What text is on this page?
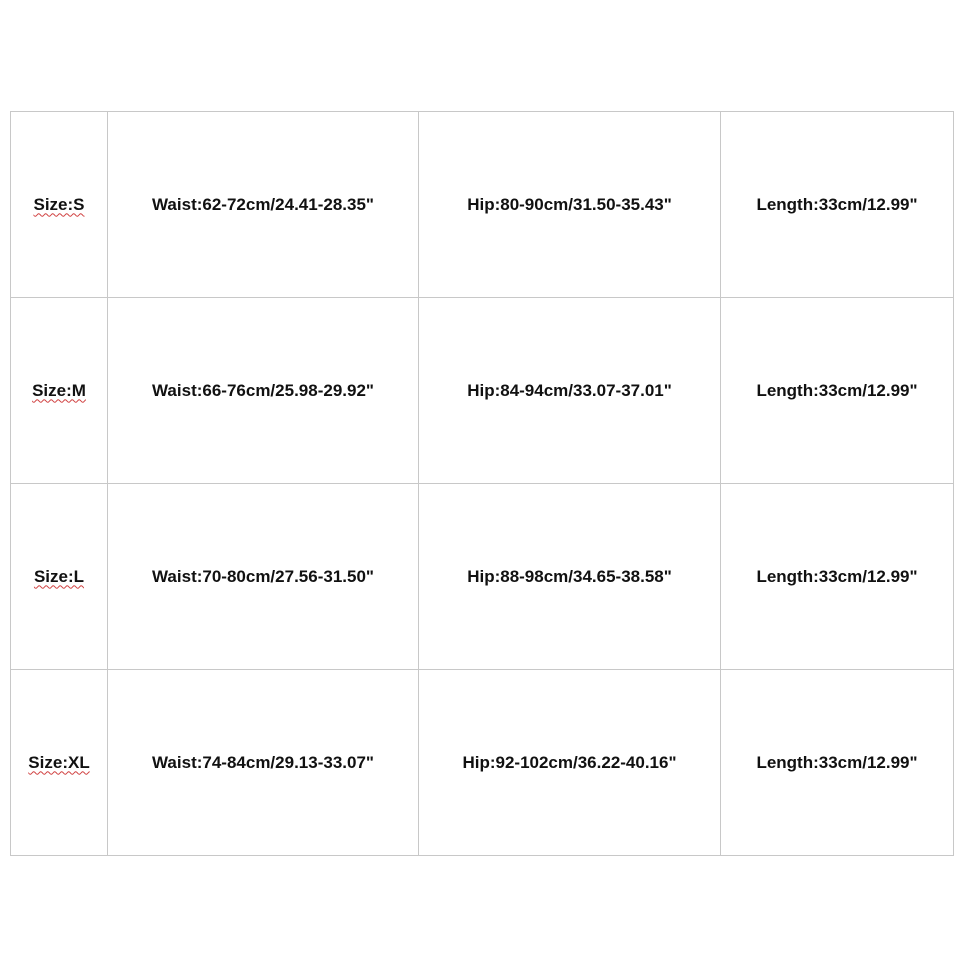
Size:S	Waist:62-72cm/24.41-28.35"	Hip:80-90cm/31.50-35.43"	Length:33cm/12.99"
Size:M	Waist:66-76cm/25.98-29.92"	Hip:84-94cm/33.07-37.01"	Length:33cm/12.99"
Size:L	Waist:70-80cm/27.56-31.50"	Hip:88-98cm/34.65-38.58"	Length:33cm/12.99"
Size:XL	Waist:74-84cm/29.13-33.07"	Hip:92-102cm/36.22-40.16"	Length:33cm/12.99"
